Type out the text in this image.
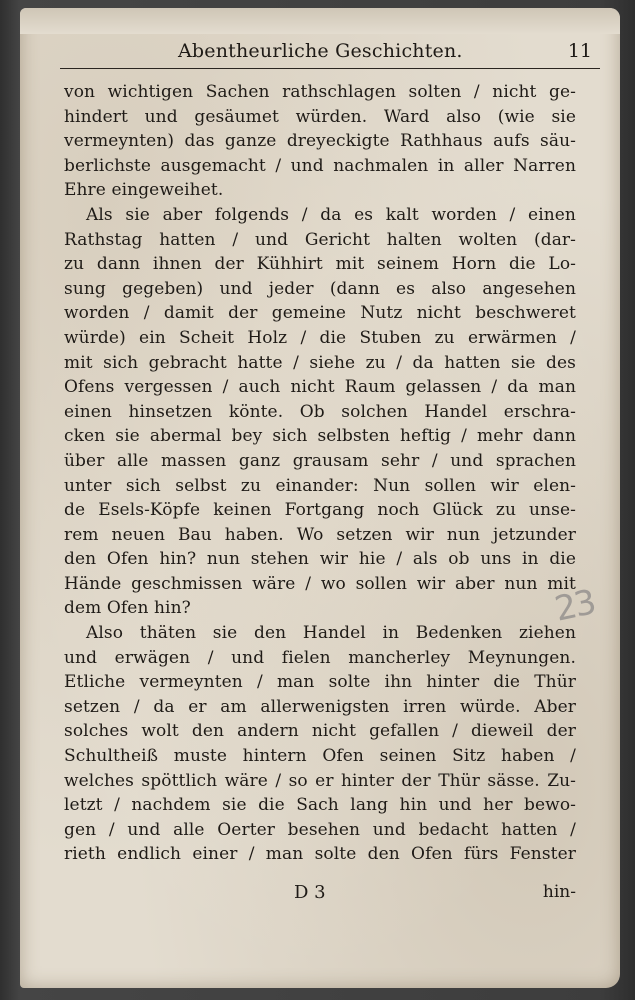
Abentheurliche Geschichten.	11
von wichtigen Sachen rathschlagen solten / nicht ge-
hindert und gesäumet würden. Ward also (wie sie
vermeynten) das ganze dreyeckigte Rathhaus aufs säu-
berlichste ausgemacht / und nachmalen in aller Narren
Ehre eingeweihet.
Als sie aber folgends / da es kalt worden / einen
Rathstag hatten / und Gericht halten wolten (dar-
zu dann ihnen der Kühhirt mit seinem Horn die Lo-
sung gegeben) und jeder (dann es also angesehen
worden / damit der gemeine Nutz nicht beschweret
würde) ein Scheit Holz / die Stuben zu erwärmen /
mit sich gebracht hatte / siehe zu / da hatten sie des
Ofens vergessen / auch nicht Raum gelassen / da man
einen hinsetzen könte. Ob solchen Handel erschra-
cken sie abermal bey sich selbsten heftig / mehr dann
über alle massen ganz grausam sehr / und sprachen
unter sich selbst zu einander: Nun sollen wir elen-
de Esels-Köpfe keinen Fortgang noch Glück zu unse-
rem neuen Bau haben. Wo setzen wir nun jetzunder
den Ofen hin? nun stehen wir hie / als ob uns in die
Hände geschmissen wäre / wo sollen wir aber nun mit
dem Ofen hin?
Also thäten sie den Handel in Bedenken ziehen
und erwägen / und fielen mancherley Meynungen.
Etliche vermeynten / man solte ihn hinter die Thür
setzen / da er am allerwenigsten irren würde. Aber
solches wolt den andern nicht gefallen / dieweil der
Schultheiß muste hintern Ofen seinen Sitz haben /
welches spöttlich wäre / so er hinter der Thür sässe. Zu-
letzt / nachdem sie die Sach lang hin und her bewo-
gen / und alle Oerter besehen und bedacht hatten /
rieth endlich einer / man solte den Ofen fürs Fenster
23
D 3	hin-
